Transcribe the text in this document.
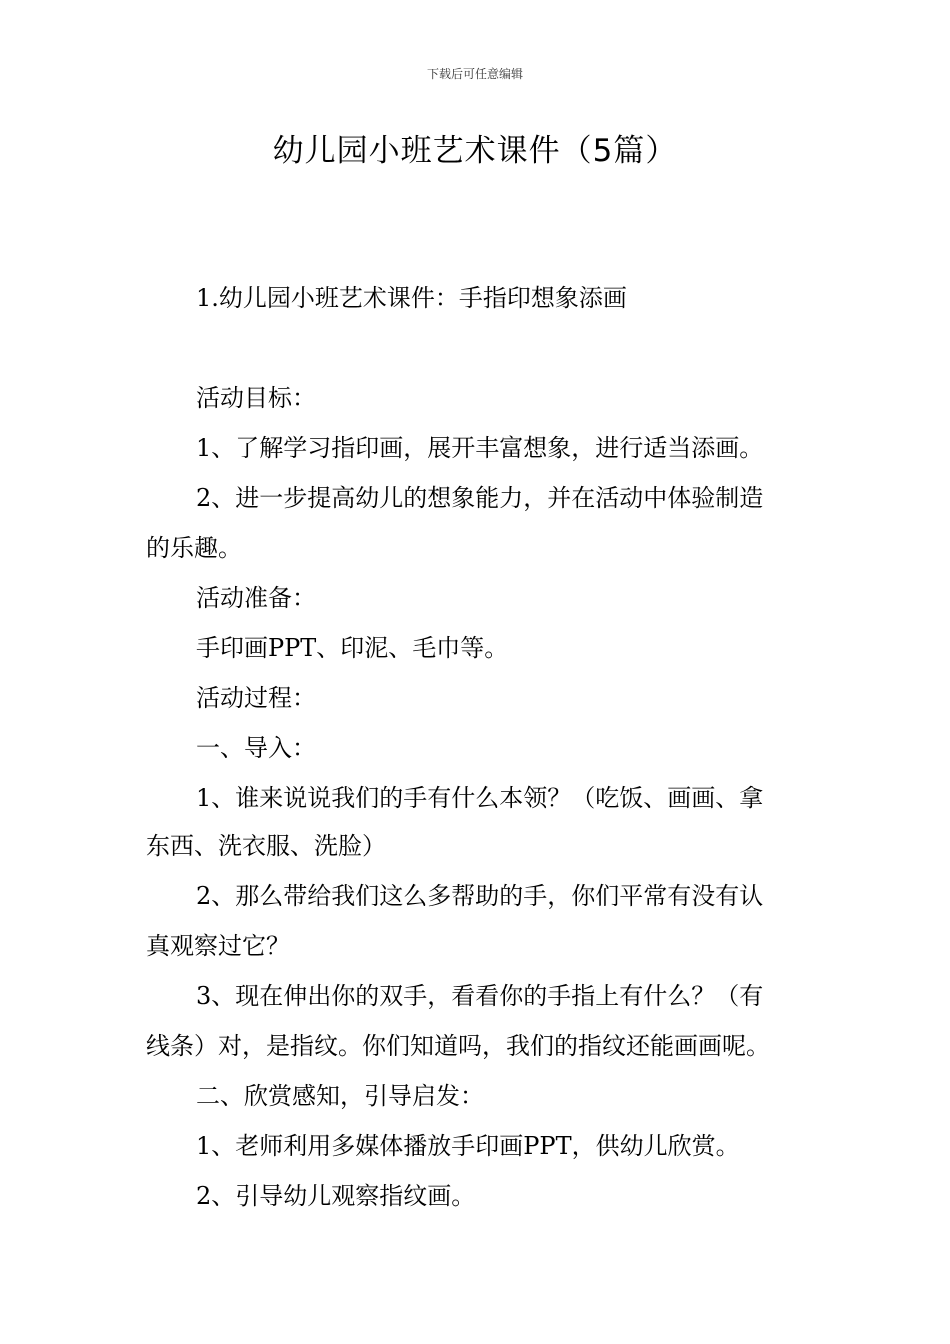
下载后可任意编辑
幼儿园小班艺术课件（5篇）

1.幼儿园小班艺术课件：手指印想象添画

活动目标：

1、了解学习指印画，展开丰富想象，进行适当添画。

2、进一步提高幼儿的想象能力，并在活动中体验制造

的乐趣。

活动准备：

手印画PPT、印泥、毛巾等。

活动过程：

一、导入：

1、谁来说说我们的手有什么本领？（吃饭、画画、拿

东西、洗衣服、洗脸）

2、那么带给我们这么多帮助的手，你们平常有没有认

真观察过它？

3、现在伸出你的双手，看看你的手指上有什么？（有

线条）对，是指纹。你们知道吗，我们的指纹还能画画呢。

二、欣赏感知，引导启发：

1、老师利用多媒体播放手印画PPT，供幼儿欣赏。

2、引导幼儿观察指纹画。
